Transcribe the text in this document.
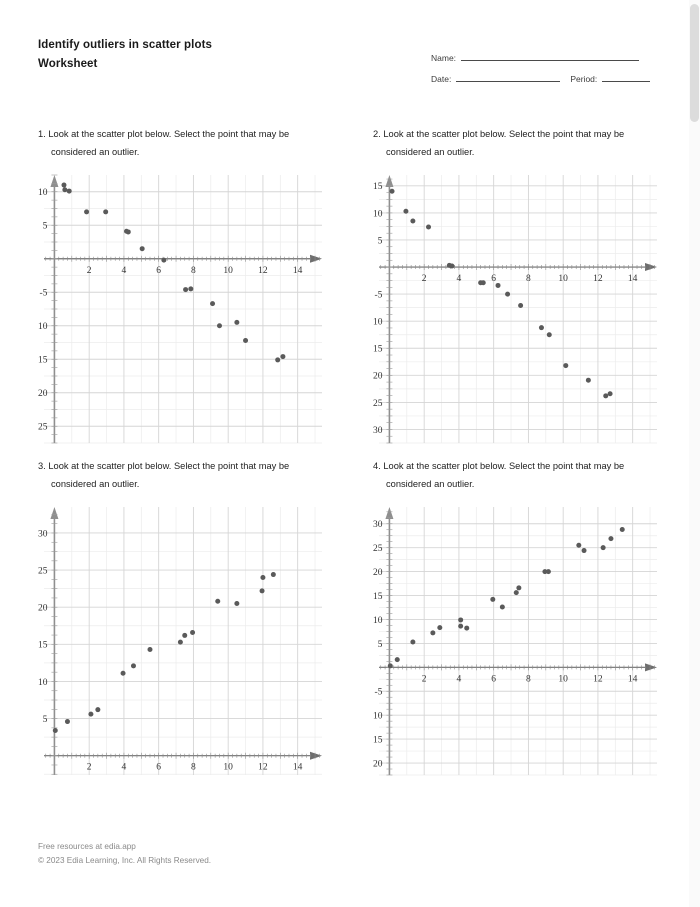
Identify outliers in scatter plots
Worksheet	Name:
Date:	Period:
1. Look at the scatter plot below. Select the point that may be considered an outlier.
2	4	6	8	10	12	14
10
5
-5
10
15
20
25
2. Look at the scatter plot below. Select the point that may be considered an outlier.
2	4	6	8	10	12	14
15
10
5
-5
10
15
20
25
30
3. Look at the scatter plot below. Select the point that may be considered an outlier.
2	4	6	8	10	12	14
5
10
15
20
25
30
4. Look at the scatter plot below. Select the point that may be considered an outlier.
2	4	6	8	10	12	14
30
25
20
15
10
5
-5
10
15
20
Free resources at edia.app
© 2023 Edia Learning, Inc. All Rights Reserved.
